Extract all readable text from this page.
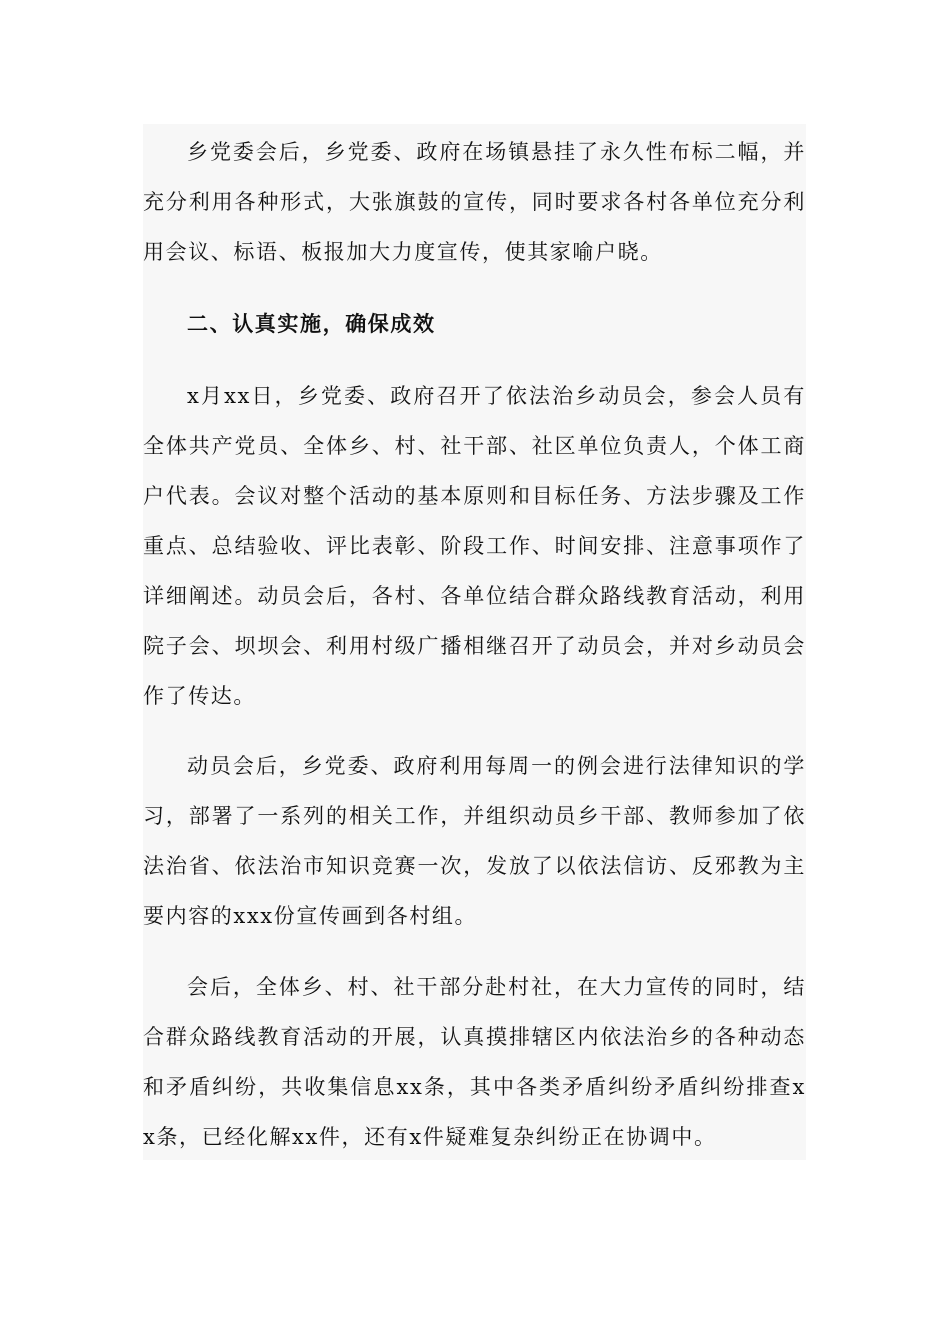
乡党委会后，乡党委、政府在场镇悬挂了永久性布标二幅，并充分利用各种形式，大张旗鼓的宣传，同时要求各村各单位充分利用会议、标语、板报加大力度宣传，使其家喻户晓。

二、认真实施，确保成效

x月xx日，乡党委、政府召开了依法治乡动员会，参会人员有全体共产党员、全体乡、村、社干部、社区单位负责人，个体工商户代表。会议对整个活动的基本原则和目标任务、方法步骤及工作重点、总结验收、评比表彰、阶段工作、时间安排、注意事项作了详细阐述。动员会后，各村、各单位结合群众路线教育活动，利用院子会、坝坝会、利用村级广播相继召开了动员会，并对乡动员会作了传达。

动员会后，乡党委、政府利用每周一的例会进行法律知识的学习，部署了一系列的相关工作，并组织动员乡干部、教师参加了依法治省、依法治市知识竞赛一次，发放了以依法信访、反邪教为主要内容的xxx份宣传画到各村组。

会后，全体乡、村、社干部分赴村社，在大力宣传的同时，结合群众路线教育活动的开展，认真摸排辖区内依法治乡的各种动态和矛盾纠纷，共收集信息xx条，其中各类矛盾纠纷矛盾纠纷排查xx条，已经化解xx件，还有x件疑难复杂纠纷正在协调中。
